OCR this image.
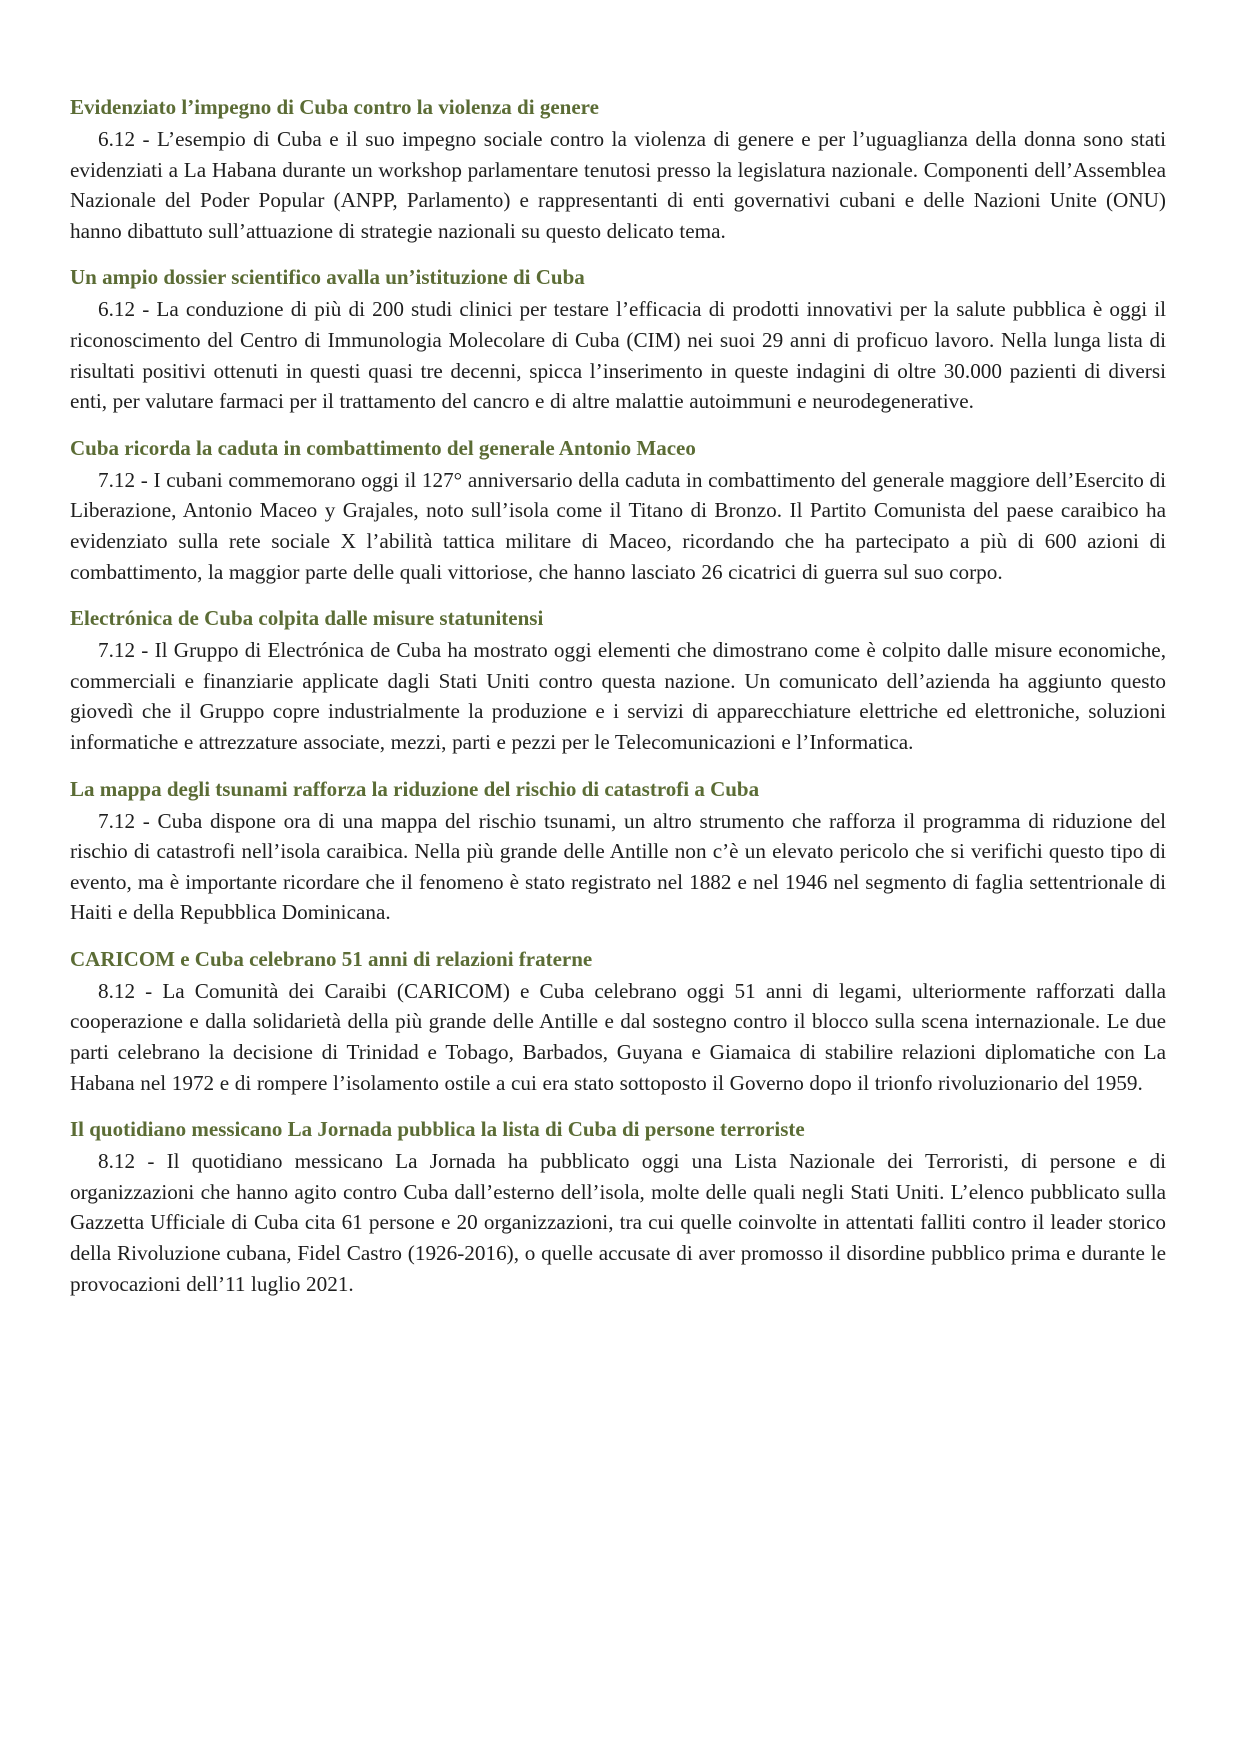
Evidenziato l’impegno di Cuba contro la violenza di genere

6.12 - L’esempio di Cuba e il suo impegno sociale contro la violenza di genere e per l’uguaglianza della donna sono stati evidenziati a La Habana durante un workshop parlamentare tenutosi presso la legislatura nazionale. Componenti dell’Assemblea Nazionale del Poder Popular (ANPP, Parlamento) e rappresentanti di enti governativi cubani e delle Nazioni Unite (ONU) hanno dibattuto sull’attuazione di strategie nazionali su questo delicato tema.

Un ampio dossier scientifico avalla un’istituzione di Cuba

6.12 - La conduzione di più di 200 studi clinici per testare l’efficacia di prodotti innovativi per la salute pubblica è oggi il riconoscimento del Centro di Immunologia Molecolare di Cuba (CIM) nei suoi 29 anni di proficuo lavoro. Nella lunga lista di risultati positivi ottenuti in questi quasi tre decenni, spicca l’inserimento in queste indagini di oltre 30.000 pazienti di diversi enti, per valutare farmaci per il trattamento del cancro e di altre malattie autoimmuni e neurodegenerative.

Cuba ricorda la caduta in combattimento del generale Antonio Maceo

7.12 - I cubani commemorano oggi il 127° anniversario della caduta in combattimento del generale maggiore dell’Esercito di Liberazione, Antonio Maceo y Grajales, noto sull’isola come il Titano di Bronzo. Il Partito Comunista del paese caraibico ha evidenziato sulla rete sociale X l’abilità tattica militare di Maceo, ricordando che ha partecipato a più di 600 azioni di combattimento, la maggior parte delle quali vittoriose, che hanno lasciato 26 cicatrici di guerra sul suo corpo.

Electrónica de Cuba colpita dalle misure statunitensi

7.12 - Il Gruppo di Electrónica de Cuba ha mostrato oggi elementi che dimostrano come è colpito dalle misure economiche, commerciali e finanziarie applicate dagli Stati Uniti contro questa nazione. Un comunicato dell’azienda ha aggiunto questo giovedì che il Gruppo copre industrialmente la produzione e i servizi di apparecchiature elettriche ed elettroniche, soluzioni informatiche e attrezzature associate, mezzi, parti e pezzi per le Telecomunicazioni e l’Informatica.

La mappa degli tsunami rafforza la riduzione del rischio di catastrofi a Cuba

7.12 - Cuba dispone ora di una mappa del rischio tsunami, un altro strumento che rafforza il programma di riduzione del rischio di catastrofi nell’isola caraibica. Nella più grande delle Antille non c’è un elevato pericolo che si verifichi questo tipo di evento, ma è importante ricordare che il fenomeno è stato registrato nel 1882 e nel 1946 nel segmento di faglia settentrionale di Haiti e della Repubblica Dominicana.

CARICOM e Cuba celebrano 51 anni di relazioni fraterne

8.12 - La Comunità dei Caraibi (CARICOM) e Cuba celebrano oggi 51 anni di legami, ulteriormente rafforzati dalla cooperazione e dalla solidarietà della più grande delle Antille e dal sostegno contro il blocco sulla scena internazionale. Le due parti celebrano la decisione di Trinidad e Tobago, Barbados, Guyana e Giamaica di stabilire relazioni diplomatiche con La Habana nel 1972 e di rompere l’isolamento ostile a cui era stato sottoposto il Governo dopo il trionfo rivoluzionario del 1959.

Il quotidiano messicano La Jornada pubblica la lista di Cuba di persone terroriste

8.12 - Il quotidiano messicano La Jornada ha pubblicato oggi una Lista Nazionale dei Terroristi, di persone e di organizzazioni che hanno agito contro Cuba dall’esterno dell’isola, molte delle quali negli Stati Uniti. L’elenco pubblicato sulla Gazzetta Ufficiale di Cuba cita 61 persone e 20 organizzazioni, tra cui quelle coinvolte in attentati falliti contro il leader storico della Rivoluzione cubana, Fidel Castro (1926-2016), o quelle accusate di aver promosso il disordine pubblico prima e durante le provocazioni dell’11 luglio 2021.
